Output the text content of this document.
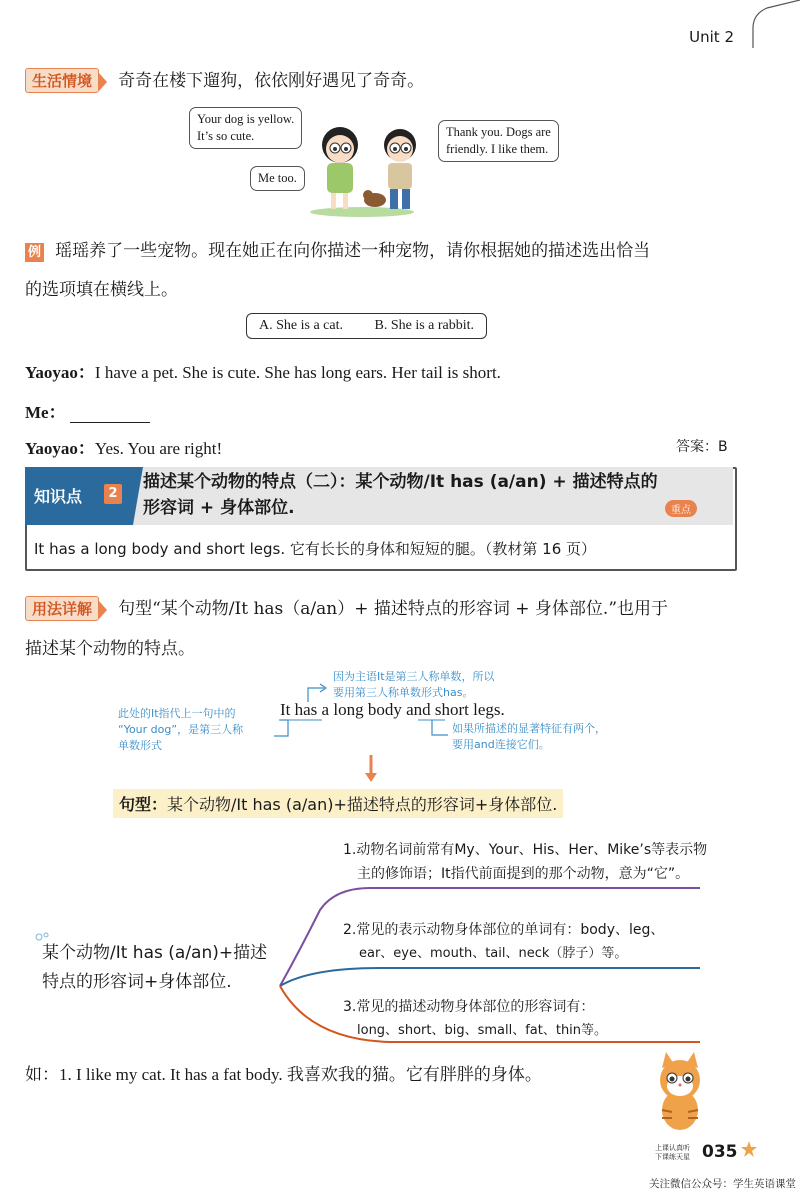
Unit 2
生活情境 奇奇在楼下遛狗，依依刚好遇见了奇奇。
Your dog is yellow.
It’s so cute.
Me too.
Thank you. Dogs are
friendly. I like them.
例 瑶瑶养了一些宠物。现在她正在向你描述一种宠物，请你根据她的描述选出恰当
的选项填在横线上。
A. She is a cat. B. She is a rabbit.
Yaoyao：I have a pet. She is cute. She has long ears. Her tail is short.
Me：
Yaoyao：Yes. You are right!	答案：B
知识点	2
描述某个动物的特点（二）：某个动物/It has (a/an) + 描述特点的
形容词 + 身体部位.	重点
It has a long body and short legs. 它有长长的身体和短短的腿。（教材第 16 页）
用法详解 句型“某个动物/It has（a/an）+ 描述特点的形容词 + 身体部位.”也用于
描述某个动物的特点。
因为主语It是第三人称单数，所以
要用第三人称单数形式has。
此处的It指代上一句中的
“Your dog”，是第三人称
单数形式
如果所描述的显著特征有两个，
要用and连接它们。
It has a long body and short legs.
句型：某个动物/It has (a/an)+描述特点的形容词+身体部位.
某个动物/It has (a/an)+描述
特点的形容词+身体部位.
1.动物名词前常有My、Your、His、Her、Mike’s等表示物
主的修饰语；It指代前面提到的那个动物，意为“它”。
2.常见的表示动物身体部位的单词有：body、leg、
ear、eye、mouth、tail、neck（脖子）等。
3.常见的描述动物身体部位的形容词有：
long、short、big、small、fat、thin等。
如：1. I like my cat. It has a fat body. 我喜欢我的猫。它有胖胖的身体。
上课认真听
下课练天星 035
关注微信公众号：学生英语课堂
